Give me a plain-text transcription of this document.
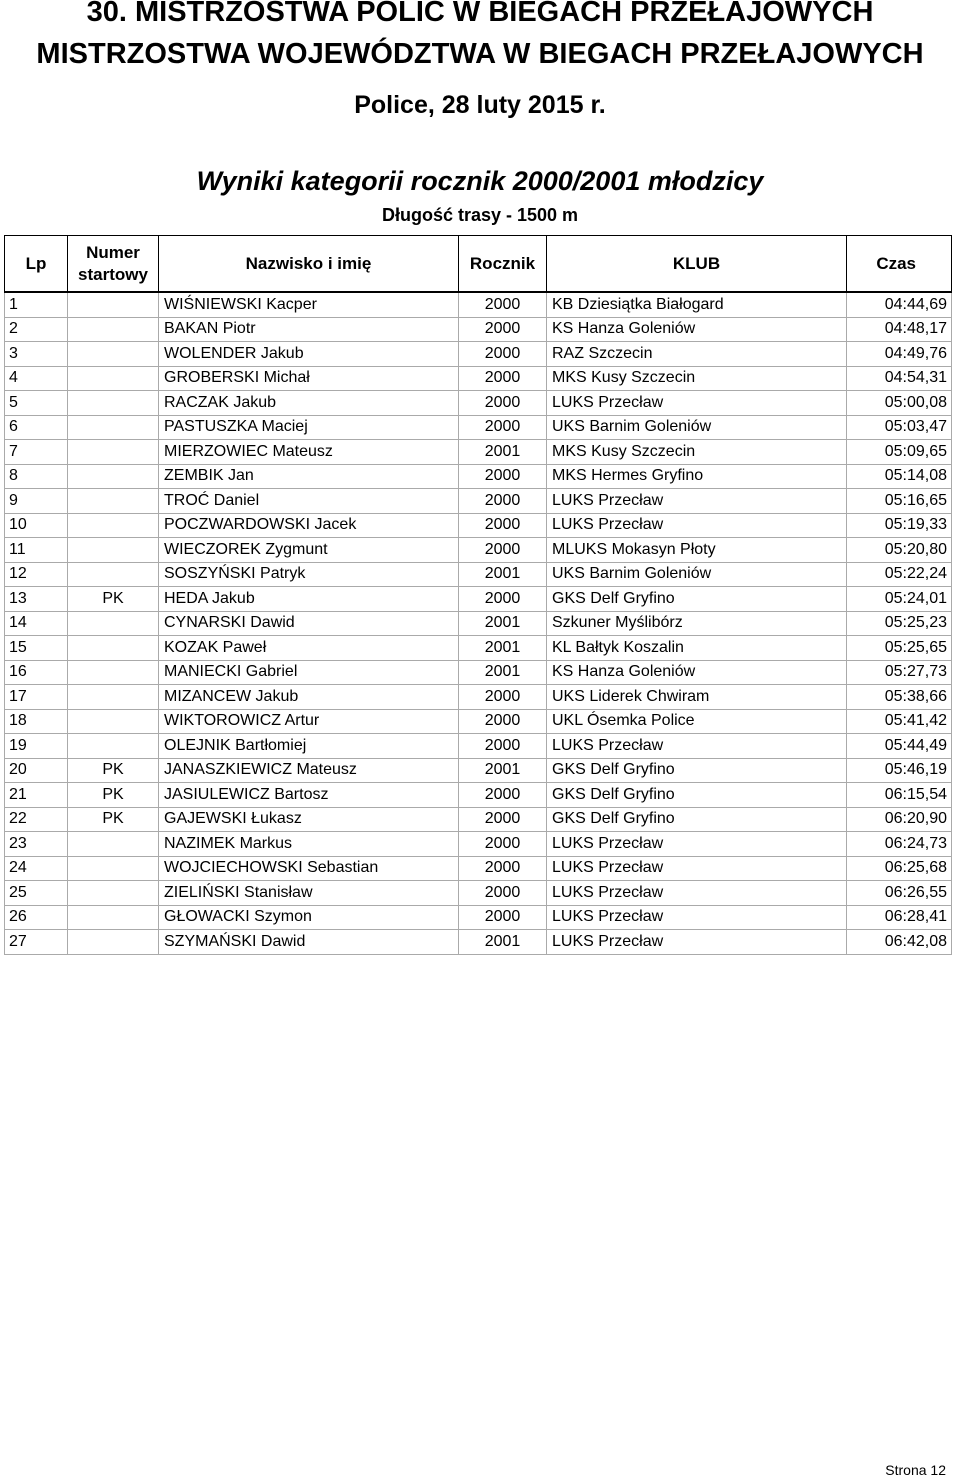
30. MISTRZOSTWA POLIC W BIEGACH PRZEŁAJOWYCH
MISTRZOSTWA WOJEWÓDZTWA W BIEGACH PRZEŁAJOWYCH
Police, 28 luty 2015 r.
Wyniki kategorii rocznik 2000/2001 młodzicy
Długość trasy - 1500 m
Lp	Numer startowy	Nazwisko i imię	Rocznik	KLUB	Czas
1		WIŚNIEWSKI Kacper	2000	KB Dziesiątka Białogard	04:44,69
2		BAKAN Piotr	2000	KS Hanza Goleniów	04:48,17
3		WOLENDER Jakub	2000	RAZ Szczecin	04:49,76
4		GROBERSKI Michał	2000	MKS Kusy Szczecin	04:54,31
5		RACZAK Jakub	2000	LUKS Przecław	05:00,08
6		PASTUSZKA Maciej	2000	UKS Barnim Goleniów	05:03,47
7		MIERZOWIEC Mateusz	2001	MKS Kusy Szczecin	05:09,65
8		ZEMBIK Jan	2000	MKS Hermes Gryfino	05:14,08
9		TROĆ Daniel	2000	LUKS Przecław	05:16,65
10		POCZWARDOWSKI Jacek	2000	LUKS Przecław	05:19,33
11		WIECZOREK Zygmunt	2000	MLUKS Mokasyn Płoty	05:20,80
12		SOSZYŃSKI Patryk	2001	UKS Barnim Goleniów	05:22,24
13	PK	HEDA Jakub	2000	GKS Delf Gryfino	05:24,01
14		CYNARSKI Dawid	2001	Szkuner Myślibórz	05:25,23
15		KOZAK Paweł	2001	KL Bałtyk Koszalin	05:25,65
16		MANIECKI Gabriel	2001	KS Hanza Goleniów	05:27,73
17		MIZANCEW Jakub	2000	UKS Liderek Chwiram	05:38,66
18		WIKTOROWICZ Artur	2000	UKL Ósemka Police	05:41,42
19		OLEJNIK Bartłomiej	2000	LUKS Przecław	05:44,49
20	PK	JANASZKIEWICZ Mateusz	2001	GKS Delf Gryfino	05:46,19
21	PK	JASIULEWICZ Bartosz	2000	GKS Delf Gryfino	06:15,54
22	PK	GAJEWSKI Łukasz	2000	GKS Delf Gryfino	06:20,90
23		NAZIMEK Markus	2000	LUKS Przecław	06:24,73
24		WOJCIECHOWSKI Sebastian	2000	LUKS Przecław	06:25,68
25		ZIELIŃSKI Stanisław	2000	LUKS Przecław	06:26,55
26		GŁOWACKI Szymon	2000	LUKS Przecław	06:28,41
27		SZYMAŃSKI Dawid	2001	LUKS Przecław	06:42,08
Strona 12
